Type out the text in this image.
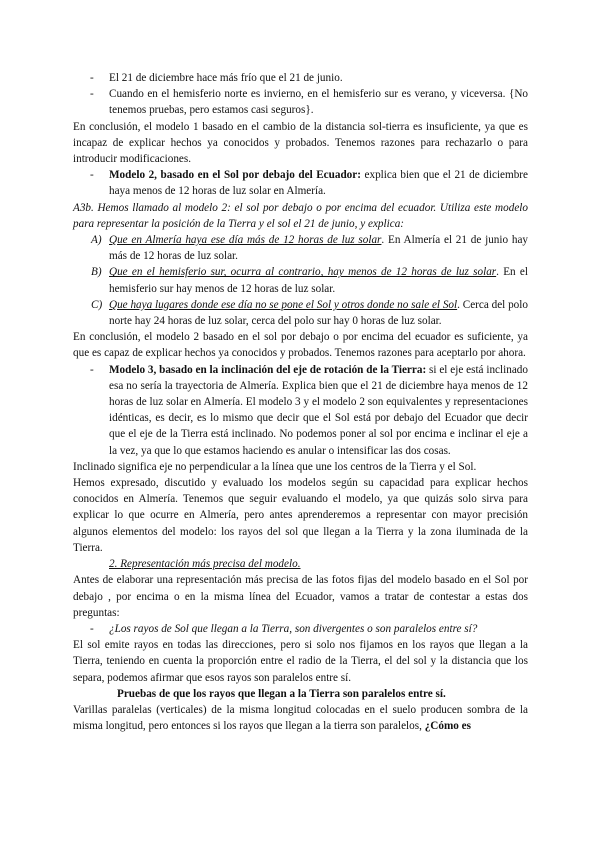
- El 21 de diciembre hace más frío que el 21 de junio.
- Cuando en el hemisferio norte es invierno, en el hemisferio sur es verano, y viceversa. {No tenemos pruebas, pero estamos casi seguros}.

En conclusión, el modelo 1 basado en el cambio de la distancia sol-tierra es insuficiente, ya que es incapaz de explicar hechos ya conocidos y probados. Tenemos razones para rechazarlo o para introducir modificaciones.

- Modelo 2, basado en el Sol por debajo del Ecuador: explica bien que el 21 de diciembre haya menos de 12 horas de luz solar en Almería.

A3b. Hemos llamado al modelo 2: el sol por debajo o por encima del ecuador. Utiliza este modelo para representar la posición de la Tierra y el sol el 21 de junio, y explica:

A) Que en Almería haya ese día más de 12 horas de luz solar. En Almería el 21 de junio hay más de 12 horas de luz solar.
B) Que en el hemisferio sur, ocurra al contrario, hay menos de 12 horas de luz solar. En el hemisferio sur hay menos de 12 horas de luz solar.
C) Que haya lugares donde ese día no se pone el Sol y otros donde no sale el Sol. Cerca del polo norte hay 24 horas de luz solar, cerca del polo sur hay 0 horas de luz solar.

En conclusión, el modelo 2 basado en el sol por debajo o por encima del ecuador es suficiente, ya que es capaz de explicar hechos ya conocidos y probados. Tenemos razones para aceptarlo por ahora.

- Modelo 3, basado en la inclinación del eje de rotación de la Tierra: si el eje está inclinado esa no sería la trayectoria de Almería. Explica bien que el 21 de diciembre haya menos de 12 horas de luz solar en Almería. El modelo 3 y el modelo 2 son equivalentes y representaciones idénticas, es decir, es lo mismo que decir que el Sol está por debajo del Ecuador que decir que el eje de la Tierra está inclinado. No podemos poner al sol por encima e inclinar el eje a la vez, ya que lo que estamos haciendo es anular o intensificar las dos cosas.

Inclinado significa eje no perpendicular a la línea que une los centros de la Tierra y el Sol.

Hemos expresado, discutido y evaluado los modelos según su capacidad para explicar hechos conocidos en Almería. Tenemos que seguir evaluando el modelo, ya que quizás solo sirva para explicar lo que ocurre en Almería, pero antes aprenderemos a representar con mayor precisión algunos elementos del modelo: los rayos del sol que llegan a la Tierra y la zona iluminada de la Tierra.

2. Representación más precisa del modelo.

Antes de elaborar una representación más precisa de las fotos fijas del modelo basado en el Sol por debajo , por encima o en la misma línea del Ecuador, vamos a tratar de contestar a estas dos preguntas:

- ¿Los rayos de Sol que llegan a la Tierra, son divergentes o son paralelos entre sí?

El sol emite rayos en todas las direcciones, pero si solo nos fijamos en los rayos que llegan a la Tierra, teniendo en cuenta la proporción entre el radio de la Tierra, el del sol y la distancia que los separa, podemos afirmar que esos rayos son paralelos entre sí.

Pruebas de que los rayos que llegan a la Tierra son paralelos entre sí.

Varillas paralelas (verticales) de la misma longitud colocadas en el suelo producen sombra de la misma longitud, pero entonces si los rayos que llegan a la tierra son paralelos, ¿Cómo es
